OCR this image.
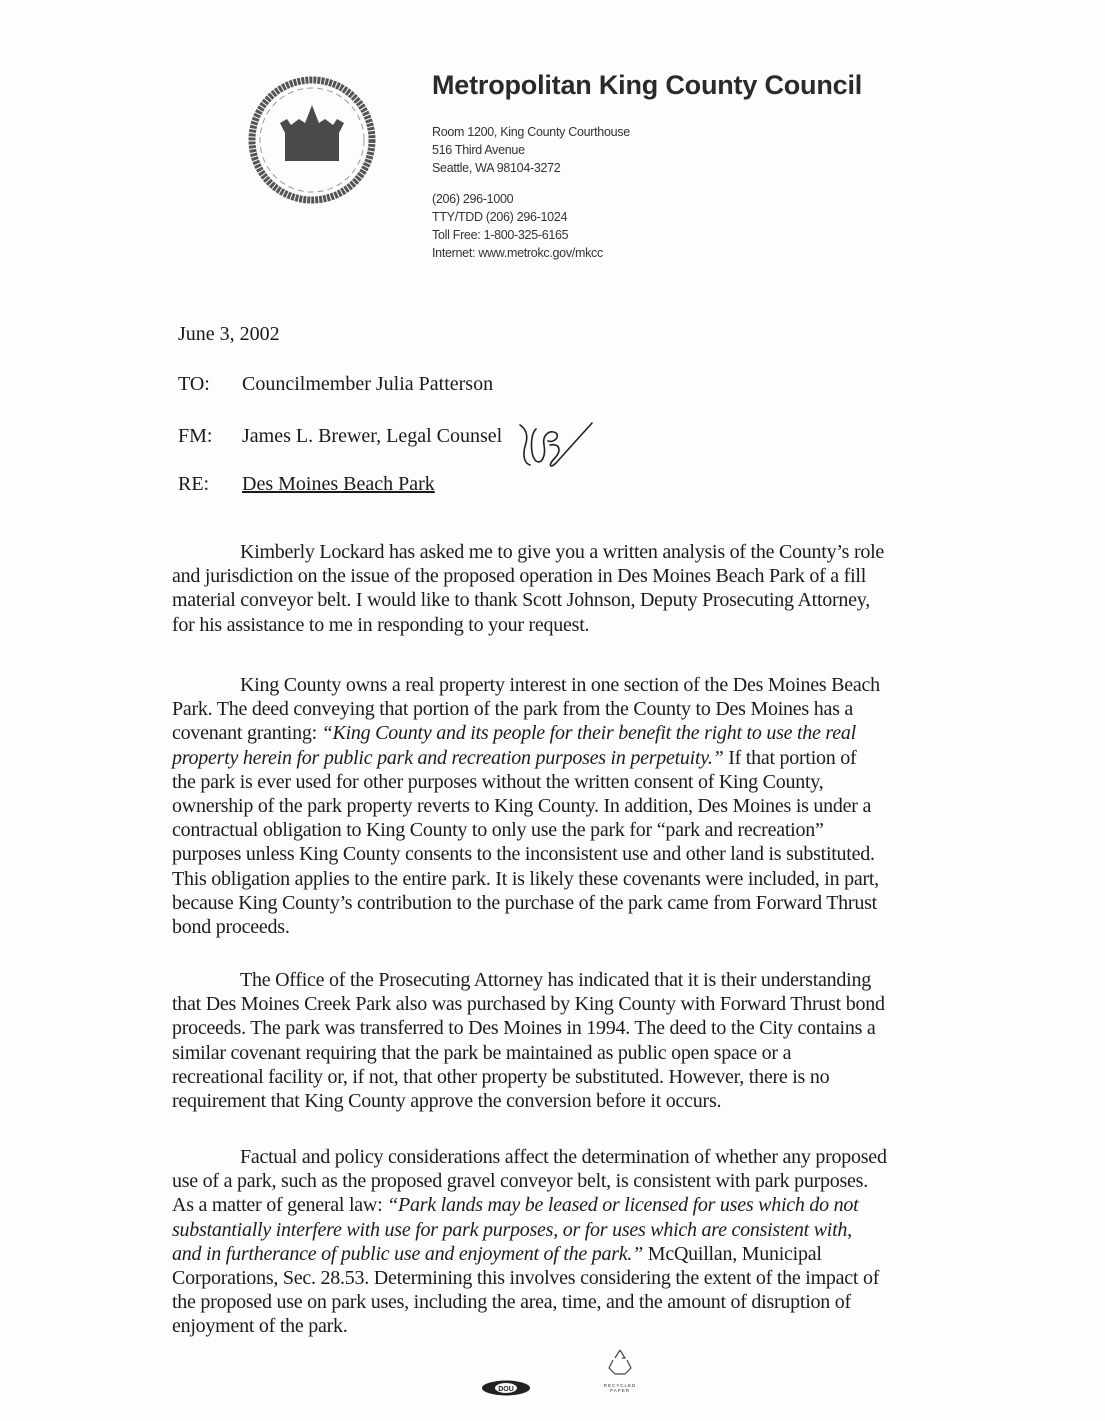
Metropolitan King County Council
Room 1200, King County Courthouse
516 Third Avenue
Seattle, WA 98104-3272
(206) 296-1000
TTY/TDD (206) 296-1024
Toll Free: 1-800-325-6165
Internet: www.metrokc.gov/mkcc
June 3, 2002
TO: Councilmember Julia Patterson
FM: James L. Brewer, Legal Counsel
RE: Des Moines Beach Park
Kimberly Lockard has asked me to give you a written analysis of the County’s role
and jurisdiction on the issue of the proposed operation in Des Moines Beach Park of a fill
material conveyor belt. I would like to thank Scott Johnson, Deputy Prosecuting Attorney,
for his assistance to me in responding to your request.
King County owns a real property interest in one section of the Des Moines Beach
Park. The deed conveying that portion of the park from the County to Des Moines has a
covenant granting: “King County and its people for their benefit the right to use the real
property herein for public park and recreation purposes in perpetuity.” If that portion of
the park is ever used for other purposes without the written consent of King County,
ownership of the park property reverts to King County. In addition, Des Moines is under a
contractual obligation to King County to only use the park for “park and recreation”
purposes unless King County consents to the inconsistent use and other land is substituted.
This obligation applies to the entire park. It is likely these covenants were included, in part,
because King County’s contribution to the purchase of the park came from Forward Thrust
bond proceeds.
The Office of the Prosecuting Attorney has indicated that it is their understanding
that Des Moines Creek Park also was purchased by King County with Forward Thrust bond
proceeds. The park was transferred to Des Moines in 1994. The deed to the City contains a
similar covenant requiring that the park be maintained as public open space or a
recreational facility or, if not, that other property be substituted. However, there is no
requirement that King County approve the conversion before it occurs.
Factual and policy considerations affect the determination of whether any proposed
use of a park, such as the proposed gravel conveyor belt, is consistent with park purposes.
As a matter of general law: “Park lands may be leased or licensed for uses which do not
substantially interfere with use for park purposes, or for uses which are consistent with,
and in furtherance of public use and enjoyment of the park.” McQuillan, Municipal
Corporations, Sec. 28.53. Determining this involves considering the extent of the impact of
the proposed use on park uses, including the area, time, and the amount of disruption of
enjoyment of the park.
DOU
RECYCLED
PAPER
